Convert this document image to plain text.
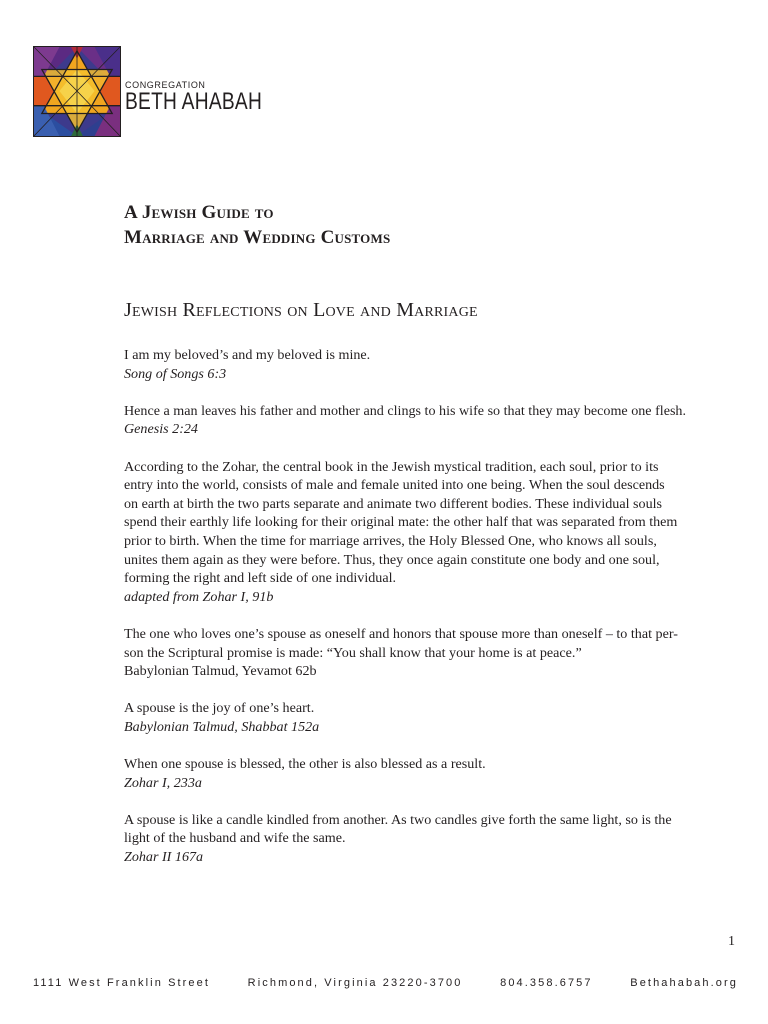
CONGREGATION
BETH AHABAH
A Jewish Guide to
Marriage and Wedding Customs
Jewish Reflections on Love and Marriage

I am my beloved’s and my beloved is mine.

Song of Songs 6:3

Hence a man leaves his father and mother and clings to his wife so that they may become one flesh.

Genesis 2:24

According to the Zohar, the central book in the Jewish mystical tradition, each soul, prior to its

entry into the world, consists of male and female united into one being. When the soul descends

on earth at birth the two parts separate and animate two different bodies. These individual souls

spend their earthly life looking for their original mate: the other half that was separated from them

prior to birth. When the time for marriage arrives, the Holy Blessed One, who knows all souls,

unites them again as they were before. Thus, they once again constitute one body and one soul,

forming the right and left side of one individual.

adapted from Zohar I, 91b

The one who loves one’s spouse as oneself and honors that spouse more than oneself – to that per-

son the Scriptural promise is made: “You shall know that your home is at peace.”

Babylonian Talmud, Yevamot 62b

A spouse is the joy of one’s heart.

Babylonian Talmud, Shabbat 152a

When one spouse is blessed, the other is also blessed as a result.

Zohar I, 233a

A spouse is like a candle kindled from another. As two candles give forth the same light, so is the

light of the husband and wife the same.

Zohar II 167a

1
1111 West Franklin Street	Richmond, Virginia 23220-3700	804.358.6757	Bethahabah.org
